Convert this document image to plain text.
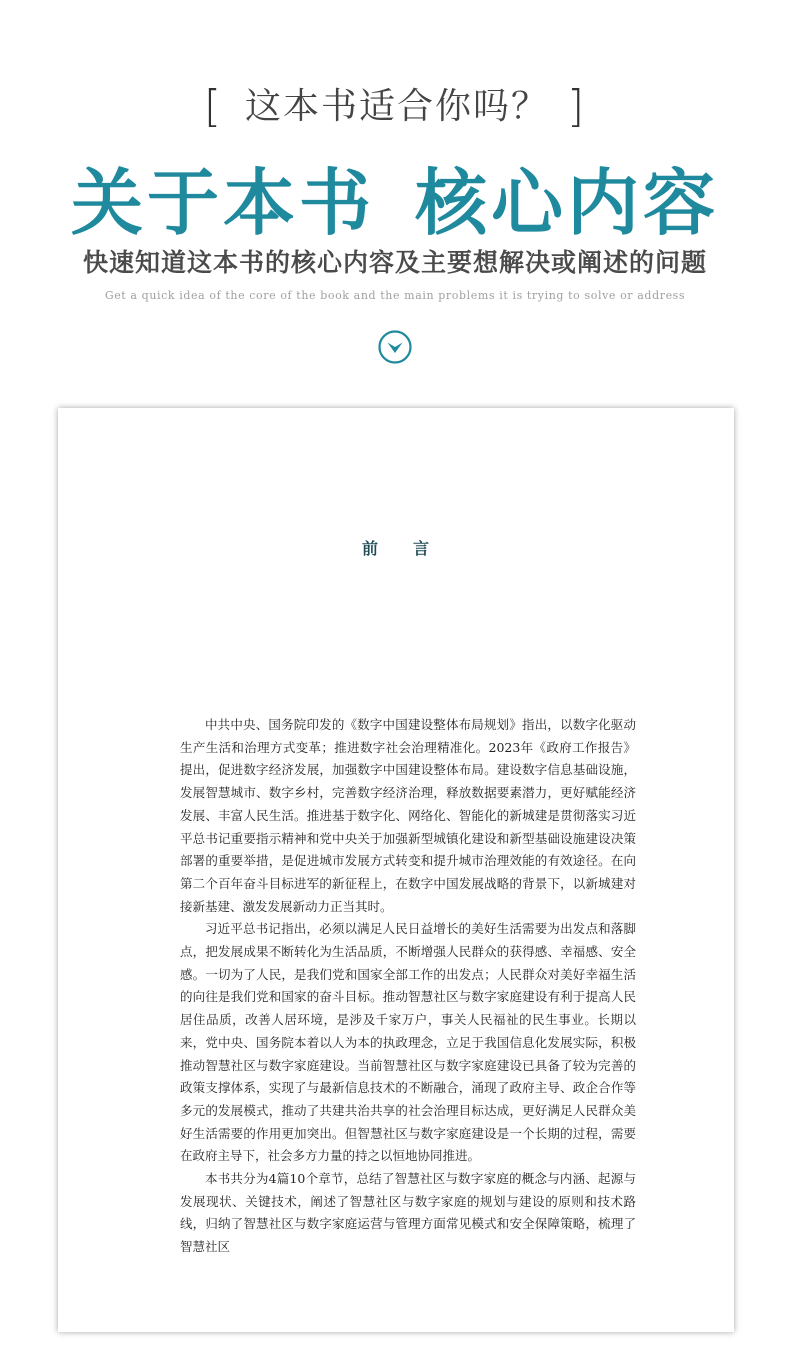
[ 这本书适合你吗？ ]
关于本书 核心内容
快速知道这本书的核心内容及主要想解决或阐述的问题
Get a quick idea of the core of the book and the main problems it is trying to solve or address
前 言

中共中央、国务院印发的《数字中国建设整体布局规划》指出，以数字化驱动生产生活和治理方式变革；推进数字社会治理精准化。2023年《政府工作报告》提出，促进数字经济发展，加强数字中国建设整体布局。建设数字信息基础设施，发展智慧城市、数字乡村，完善数字经济治理，释放数据要素潜力，更好赋能经济发展、丰富人民生活。推进基于数字化、网络化、智能化的新城建是贯彻落实习近平总书记重要指示精神和党中央关于加强新型城镇化建设和新型基础设施建设决策部署的重要举措，是促进城市发展方式转变和提升城市治理效能的有效途径。在向第二个百年奋斗目标进军的新征程上，在数字中国发展战略的背景下，以新城建对接新基建、激发发展新动力正当其时。

习近平总书记指出，必须以满足人民日益增长的美好生活需要为出发点和落脚点，把发展成果不断转化为生活品质，不断增强人民群众的获得感、幸福感、安全感。一切为了人民，是我们党和国家全部工作的出发点；人民群众对美好幸福生活的向往是我们党和国家的奋斗目标。推动智慧社区与数字家庭建设有利于提高人民居住品质，改善人居环境，是涉及千家万户，事关人民福祉的民生事业。长期以来，党中央、国务院本着以人为本的执政理念，立足于我国信息化发展实际，积极推动智慧社区与数字家庭建设。当前智慧社区与数字家庭建设已具备了较为完善的政策支撑体系，实现了与最新信息技术的不断融合，涌现了政府主导、政企合作等多元的发展模式，推动了共建共治共享的社会治理目标达成，更好满足人民群众美好生活需要的作用更加突出。但智慧社区与数字家庭建设是一个长期的过程，需要在政府主导下，社会多方力量的持之以恒地协同推进。

本书共分为4篇10个章节，总结了智慧社区与数字家庭的概念与内涵、起源与发展现状、关键技术，阐述了智慧社区与数字家庭的规划与建设的原则和技术路线，归纳了智慧社区与数字家庭运营与管理方面常见模式和安全保障策略，梳理了智慧社区
